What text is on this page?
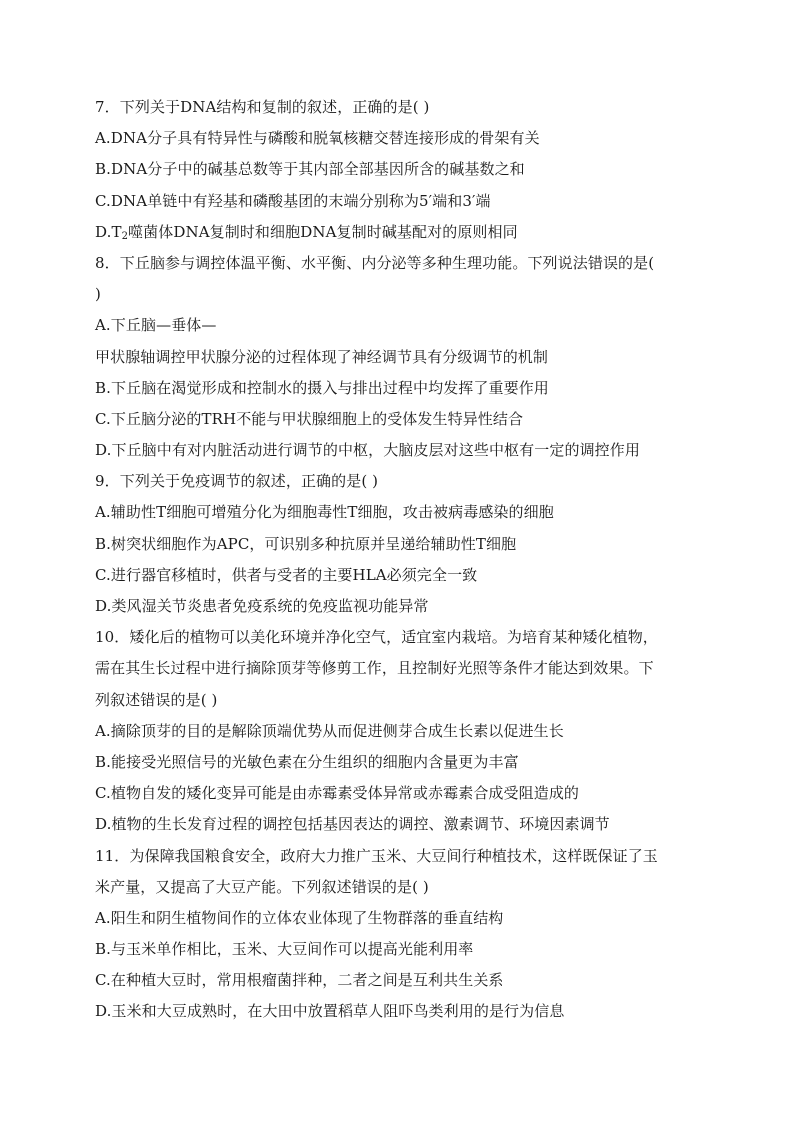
7．下列关于DNA结构和复制的叙述，正确的是( )
A.DNA分子具有特异性与磷酸和脱氧核糖交替连接形成的骨架有关
B.DNA分子中的碱基总数等于其内部全部基因所含的碱基数之和
C.DNA单链中有羟基和磷酸基团的末端分别称为5′端和3′端
$D.T_2$噬菌体DNA复制时和细胞DNA复制时碱基配对的原则相同
8．下丘脑参与调控体温平衡、水平衡、内分泌等多种生理功能。下列说法错误的是(
)
A.下丘脑—垂体—
甲状腺轴调控甲状腺分泌的过程体现了神经调节具有分级调节的机制
B.下丘脑在渴觉形成和控制水的摄入与排出过程中均发挥了重要作用
C.下丘脑分泌的TRH不能与甲状腺细胞上的受体发生特异性结合
D.下丘脑中有对内脏活动进行调节的中枢，大脑皮层对这些中枢有一定的调控作用
9．下列关于免疫调节的叙述，正确的是( )
A.辅助性T细胞可增殖分化为细胞毒性T细胞，攻击被病毒感染的细胞
B.树突状细胞作为APC，可识别多种抗原并呈递给辅助性T细胞
C.进行器官移植时，供者与受者的主要HLA必须完全一致
D.类风湿关节炎患者免疫系统的免疫监视功能异常
10．矮化后的植物可以美化环境并净化空气，适宜室内栽培。为培育某种矮化植物，
需在其生长过程中进行摘除顶芽等修剪工作，且控制好光照等条件才能达到效果。下
列叙述错误的是( )
A.摘除顶芽的目的是解除顶端优势从而促进侧芽合成生长素以促进生长
B.能接受光照信号的光敏色素在分生组织的细胞内含量更为丰富
C.植物自发的矮化变异可能是由赤霉素受体异常或赤霉素合成受阻造成的
D.植物的生长发育过程的调控包括基因表达的调控、激素调节、环境因素调节
11．为保障我国粮食安全，政府大力推广玉米、大豆间行种植技术，这样既保证了玉
米产量，又提高了大豆产能。下列叙述错误的是( )
A.阳生和阴生植物间作的立体农业体现了生物群落的垂直结构
B.与玉米单作相比，玉米、大豆间作可以提高光能利用率
C.在种植大豆时，常用根瘤菌拌种，二者之间是互利共生关系
D.玉米和大豆成熟时，在大田中放置稻草人阻吓鸟类利用的是行为信息
